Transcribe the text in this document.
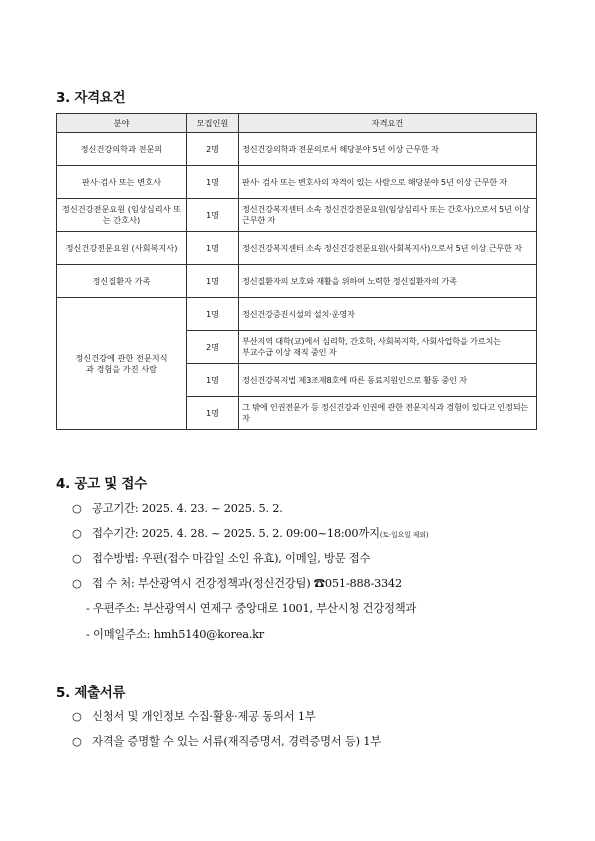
3. 자격요건
분야	모집인원	자격요건
정신건강의학과 전문의	2명	정신건강의학과 전문의로서 해당분야 5년 이상 근무한 자
판사·검사 또는 변호사	1명	판사· 검사 또는 변호사의 자격이 있는 사람으로 해당분야 5년 이상 근무한 자
정신건강전문요원 (임상심리사 또는 간호사)	1명	정신건강복지센터 소속 정신건강전문요원(임상심리사 또는 간호사)으로서 5년 이상 근무한 자
정신건강전문요원 (사회복지사)	1명	정신건강복지센터 소속 정신건강전문요원(사회복지사)으로서 5년 이상 근무한 자
정신질환자 가족	1명	정신질환자의 보호와 재활을 위하여 노력한 정신질환자의 가족
정신건강에 관한 전문지식과 경험을 가진 사람	1명	정신건강증진시설의 설치·운영자
	2명	부산지역 대학(교)에서 심리학, 간호학, 사회복지학, 사회사업학을 가르치는 부교수급 이상 재직 중인 자
	1명	정신건강복지법 제3조제8호에 따른 동료지원인으로 활동 중인 자
	1명	그 밖에 인권전문가 등 정신건강과 인권에 관한 전문지식과 경험이 있다고 인정되는 자
4. 공고 및 접수
○ 공고기간: 2025. 4. 23. ~ 2025. 5. 2.
○ 접수기간: 2025. 4. 28. ~ 2025. 5. 2. 09:00~18:00까지(토·일요일 제외)
○ 접수방법: 우편(접수 마감일 소인 유효), 이메일, 방문 접수
○ 접 수 처: 부산광역시 건강정책과(정신건강팀) ☎051-888-3342
- 우편주소: 부산광역시 연제구 중앙대로 1001, 부산시청 건강정책과
- 이메일주소: hmh5140@korea.kr
5. 제출서류
○ 신청서 및 개인정보 수집·활용·제공 동의서 1부
○ 자격을 증명할 수 있는 서류(재직증명서, 경력증명서 등) 1부
